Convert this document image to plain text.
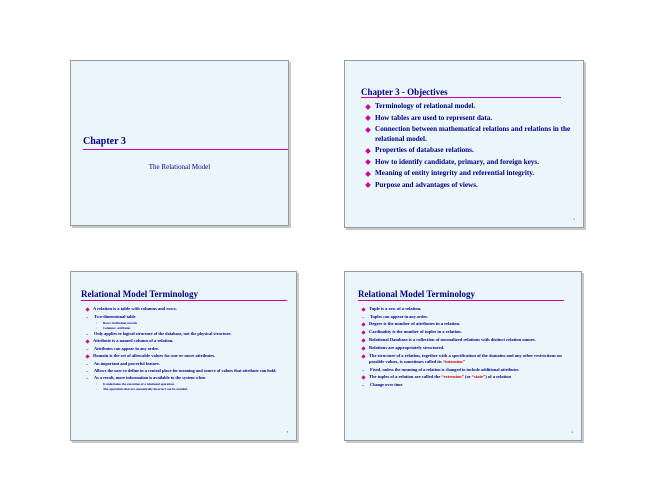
Chapter 3
The Relational Model
Chapter 3 - Objectives
Terminology of relational model.
How tables are used to represent data.
Connection between mathematical relations and relations in the relational model.
Properties of database relations.
How to identify candidate, primary, and foreign keys.
Meaning of entity integrity and referential integrity.
Purpose and advantages of views.
2
Relational Model Terminology
A relation is a table with columns and rows.
– Two-dimensional table
◦ Rows: individual records
◦ Columns: attributes
– Only applies to logical structure of the database, not the physical structure.
Attribute is a named column of a relation.
– Attributes can appear in any order.
Domain is the set of allowable values for one or more attributes.
– An important and powerful feature.
– Allows the user to define in a central place for meaning and source of values that attribute can hold.
– As a result, more information is available to the system when
◦ It undertakes the execution of a relational operation.
◦ The operations that are semantically incorrect can be avoided.
3
Relational Model Terminology
Tuple is a row of a relation.
– Tuples can appear in any order.
Degree is the number of attributes in a relation.
Cardinality is the number of tuples in a relation.
Relational Database is a collection of normalized relations with distinct relation names.
Relations are appropriately structured.
The structure of a relation, together with a specification of the domains and any other restrictions on possible values, is sometimes called its “intension”
– Fixed, unless the meaning of a relation is changed to include additional attributes
The tuples of a relation are called the “extension” (or “state”) of a relation
– Change over time
4
